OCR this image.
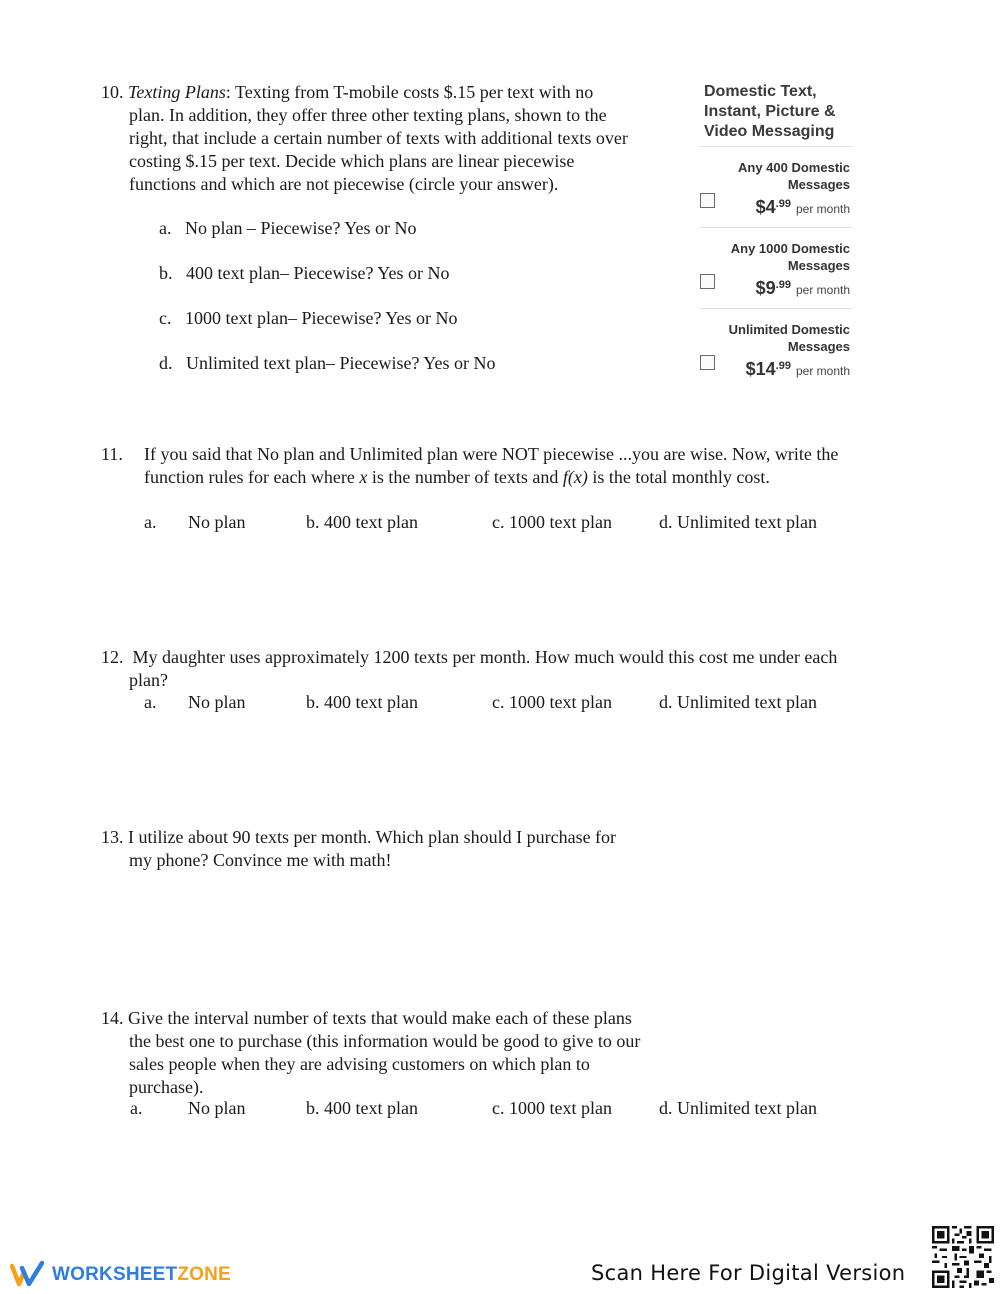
10. Texting Plans: Texting from T-mobile costs $.15 per text with no
plan. In addition, they offer three other texting plans, shown to the
right, that include a certain number of texts with additional texts over
costing $.15 per text. Decide which plans are linear piecewise
functions and which are not piecewise (circle your answer).
a. No plan – Piecewise? Yes or No
b. 400 text plan– Piecewise? Yes or No
c. 1000 text plan– Piecewise? Yes or No
d. Unlimited text plan– Piecewise? Yes or No
Domestic Text, Instant, Picture & Video Messaging
Any 400 Domestic Messages
$\$4^{.99}$ per month
Any 1000 Domestic Messages
$\$9^{.99}$ per month
Unlimited Domestic Messages
$\$14^{.99}$ per month
11. If you said that No plan and Unlimited plan were NOT piecewise ...you are wise. Now, write the
function rules for each where x is the number of texts and f(x) is the total monthly cost.
a. No plan	b. 400 text plan	c. 1000 text plan	d. Unlimited text plan
12. My daughter uses approximately 1200 texts per month. How much would this cost me under each
plan?
a. No plan	b. 400 text plan	c. 1000 text plan	d. Unlimited text plan
13. I utilize about 90 texts per month. Which plan should I purchase for
my phone? Convince me with math!
14. Give the interval number of texts that would make each of these plans
the best one to purchase (this information would be good to give to our
sales people when they are advising customers on which plan to
purchase).
a.	No plan	b. 400 text plan	c. 1000 text plan	d. Unlimited text plan
WORKSHEETZONE	Scan Here For Digital Version
